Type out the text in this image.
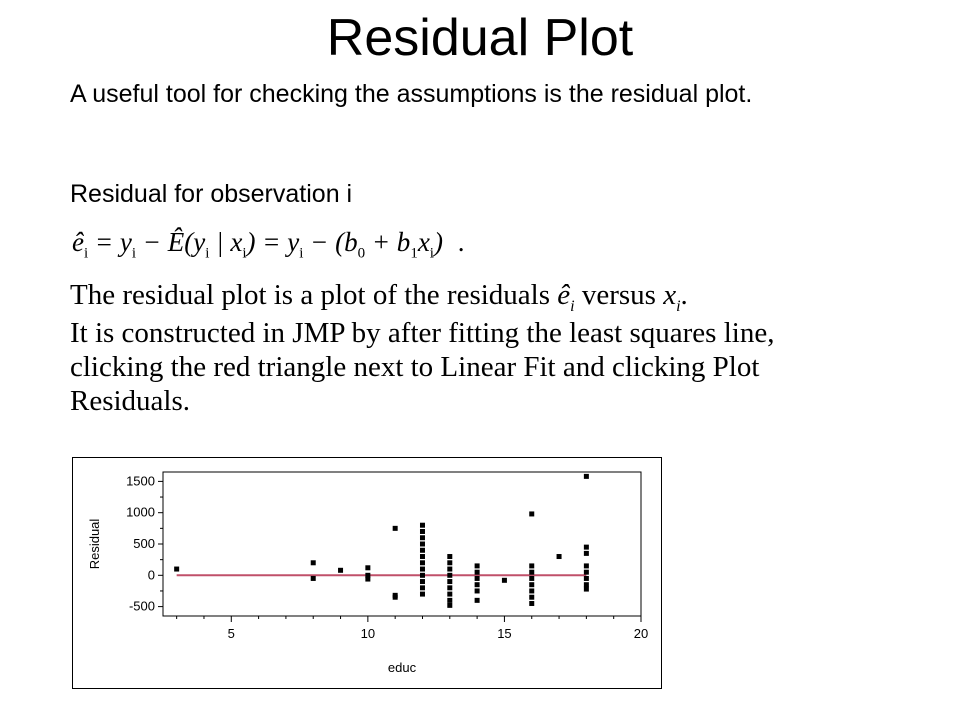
Residual Plot
A useful tool for checking the assumptions is the residual plot.
Residual for observation i
$ê_i = y_i$ − $Ê(y_i$ | $x_i) = y_i - (b_0 + b_1x_i)$ .
The residual plot is a plot of the residuals $ê_i$ versus $x_i$.
It is constructed in JMP by after fitting the least squares line, clicking the red triangle next to Linear Fit and clicking Plot Residuals.
-500
0
500
1000
1500
5	10	15	20
educ
Residual
